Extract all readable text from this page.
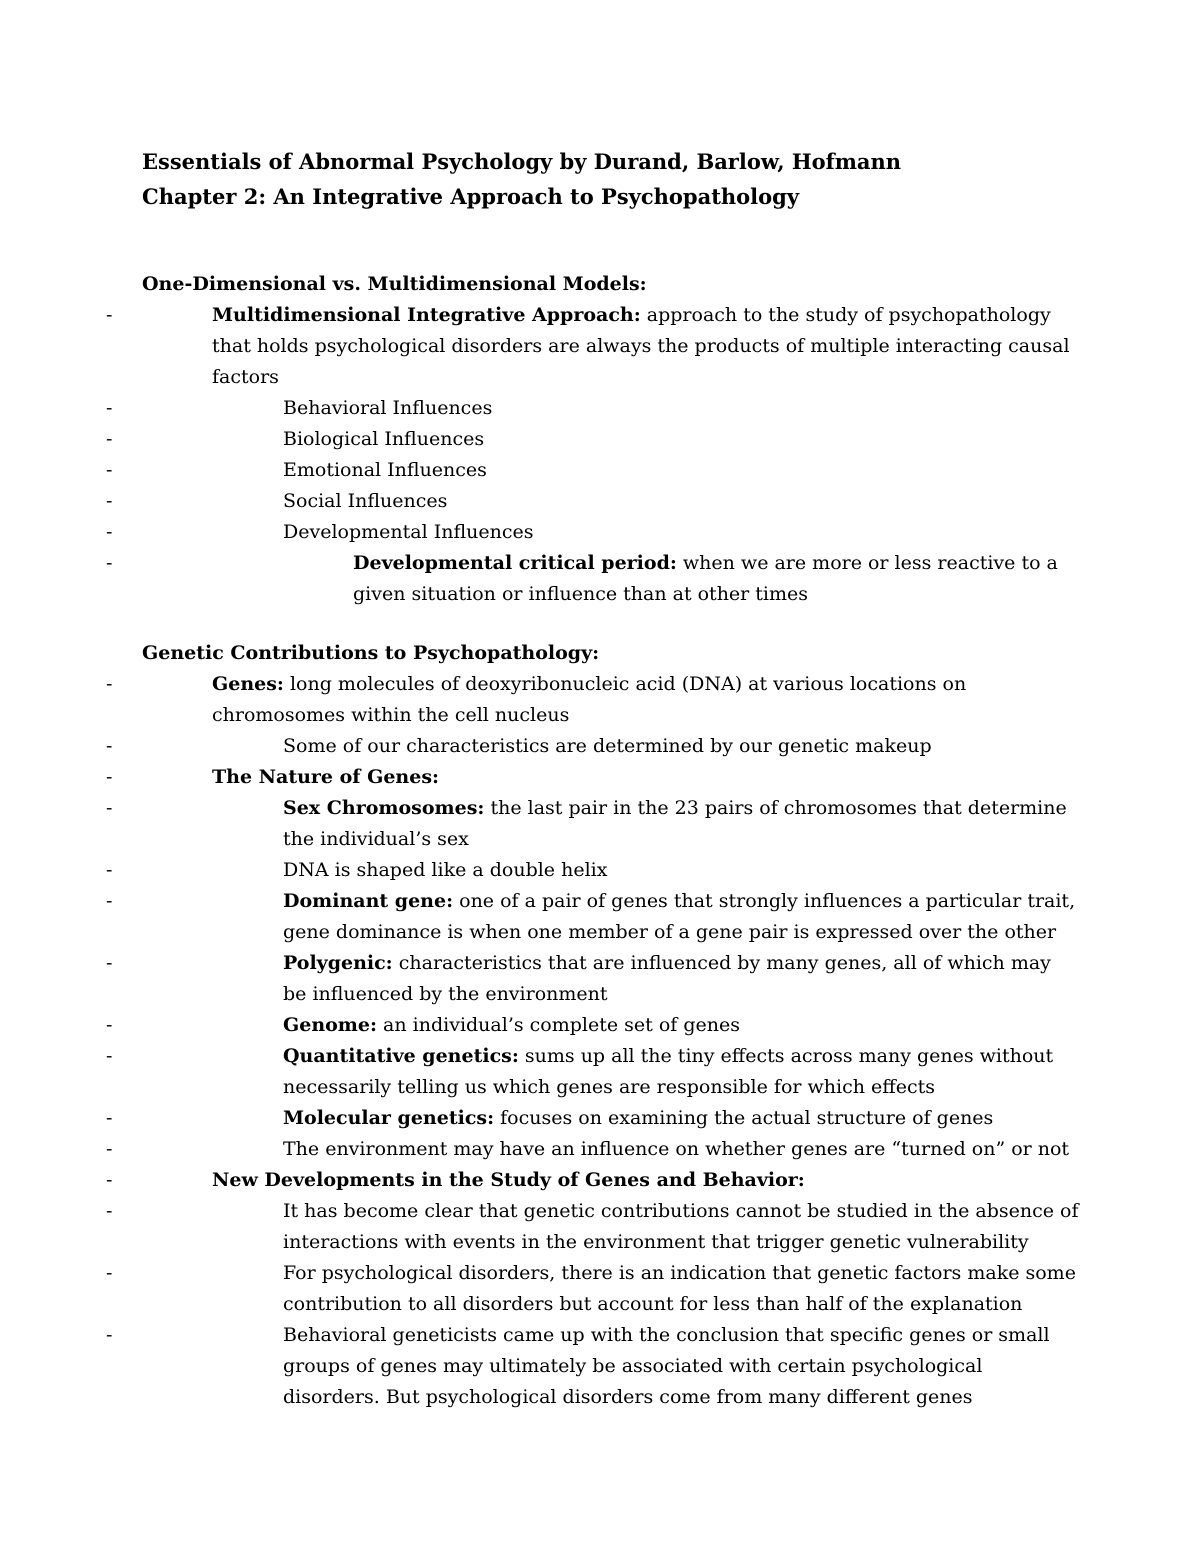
Essentials of Abnormal Psychology by Durand, Barlow, Hofmann

Chapter 2: An Integrative Approach to Psychopathology

One-Dimensional vs. Multidimensional Models:

-	Multidimensional Integrative Approach: approach to the study of psychopathology that holds psychological disorders are always the products of multiple interacting causal factors
-	Behavioral Influences
-	Biological Influences
-	Emotional Influences
-	Social Influences
-	Developmental Influences
-	Developmental critical period: when we are more or less reactive to a given situation or influence than at other times

Genetic Contributions to Psychopathology:

-	Genes: long molecules of deoxyribonucleic acid (DNA) at various locations on chromosomes within the cell nucleus
-	Some of our characteristics are determined by our genetic makeup
-	The Nature of Genes:
-	Sex Chromosomes: the last pair in the 23 pairs of chromosomes that determine the individual’s sex
-	DNA is shaped like a double helix
-	Dominant gene: one of a pair of genes that strongly influences a particular trait, gene dominance is when one member of a gene pair is expressed over the other
-	Polygenic: characteristics that are influenced by many genes, all of which may be influenced by the environment
-	Genome: an individual’s complete set of genes
-	Quantitative genetics: sums up all the tiny effects across many genes without necessarily telling us which genes are responsible for which effects
-	Molecular genetics: focuses on examining the actual structure of genes
-	The environment may have an influence on whether genes are “turned on” or not
-	New Developments in the Study of Genes and Behavior:
-	It has become clear that genetic contributions cannot be studied in the absence of interactions with events in the environment that trigger genetic vulnerability
-	For psychological disorders, there is an indication that genetic factors make some contribution to all disorders but account for less than half of the explanation
-	Behavioral geneticists came up with the conclusion that specific genes or small groups of genes may ultimately be associated with certain psychological disorders. But psychological disorders come from many different genes
